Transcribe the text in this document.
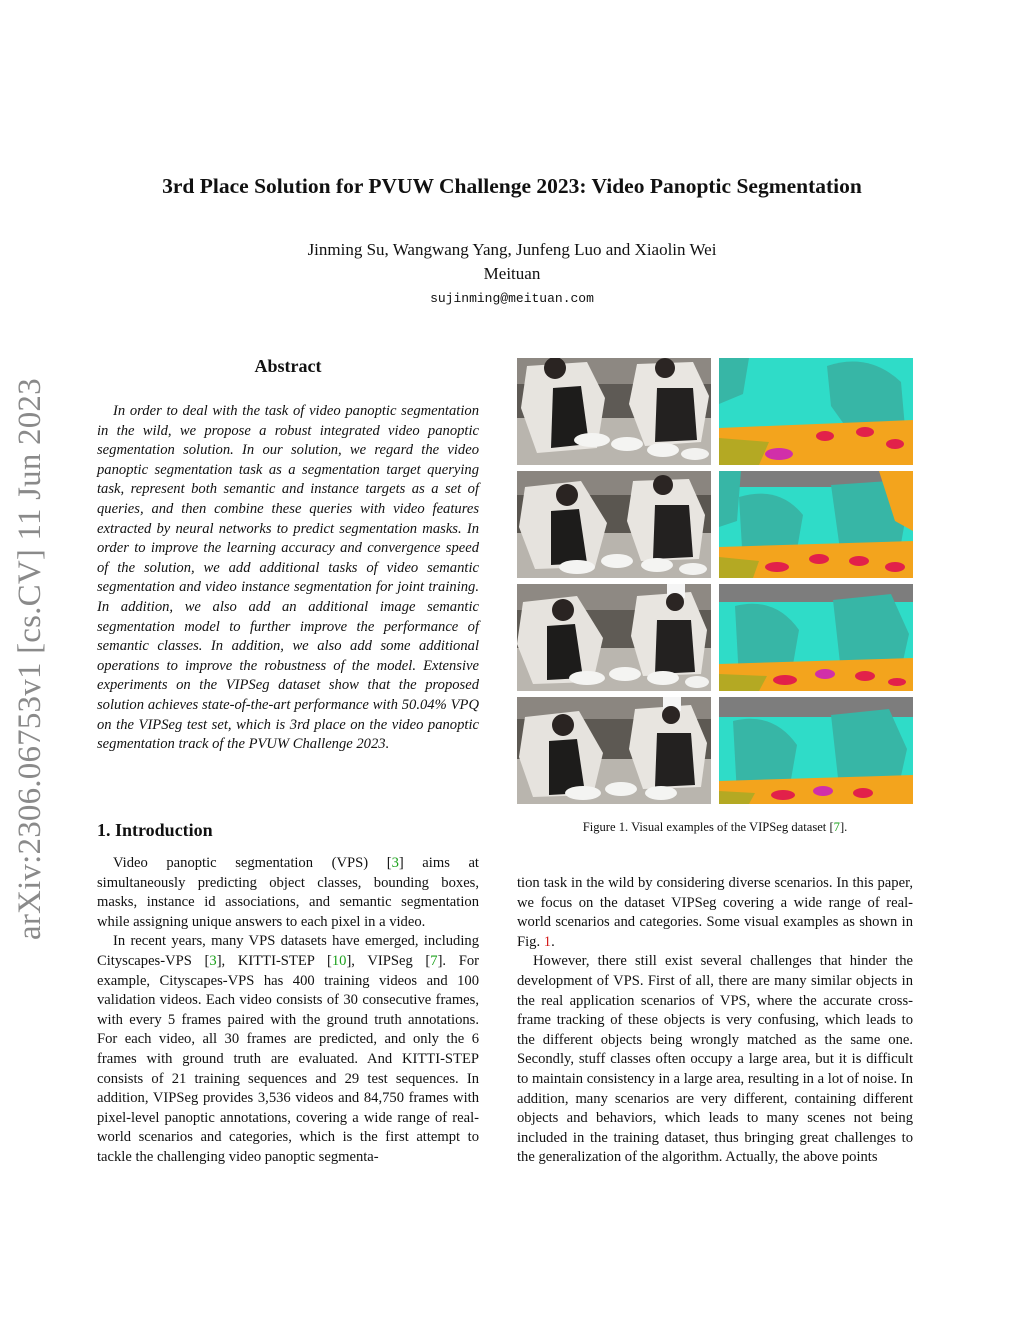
arXiv:2306.06753v1 [cs.CV] 11 Jun 2023
3rd Place Solution for PVUW Challenge 2023: Video Panoptic Segmentation
Jinming Su, Wangwang Yang, Junfeng Luo and Xiaolin Wei
Meituan
sujinming@meituan.com
Abstract
In order to deal with the task of video panoptic segmentation in the wild, we propose a robust integrated video panoptic segmentation solution. In our solution, we regard the video panoptic segmentation task as a segmentation target querying task, represent both semantic and instance targets as a set of queries, and then combine these queries with video features extracted by neural networks to predict segmentation masks. In order to improve the learning accuracy and convergence speed of the solution, we add additional tasks of video semantic segmentation and video instance segmentation for joint training. In addition, we also add an additional image semantic segmentation model to further improve the performance of semantic classes. In addition, we also add some additional operations to improve the robustness of the model. Extensive experiments on the VIPSeg dataset show that the proposed solution achieves state-of-the-art performance with 50.04% VPQ on the VIPSeg test set, which is 3rd place on the video panoptic segmentation track of the PVUW Challenge 2023.
1. Introduction

Video panoptic segmentation (VPS) [3] aims at simultaneously predicting object classes, bounding boxes, masks, instance id associations, and semantic segmentation while assigning unique answers to each pixel in a video.

In recent years, many VPS datasets have emerged, including Cityscapes-VPS [3], KITTI-STEP [10], VIPSeg [7]. For example, Cityscapes-VPS has 400 training videos and 100 validation videos. Each video consists of 30 consecutive frames, with every 5 frames paired with the ground truth annotations. For each video, all 30 frames are predicted, and only the 6 frames with ground truth are evaluated. And KITTI-STEP consists of 21 training sequences and 29 test sequences. In addition, VIPSeg provides 3,536 videos and 84,750 frames with pixel-level panoptic annotations, covering a wide range of real-world scenarios and categories, which is the first attempt to tackle the challenging video panoptic segmenta-

tion task in the wild by considering diverse scenarios. In this paper, we focus on the dataset VIPSeg covering a wide range of real-world scenarios and categories. Some visual examples as shown in Fig. 1.

However, there still exist several challenges that hinder the development of VPS. First of all, there are many similar objects in the real application scenarios of VPS, where the accurate cross-frame tracking of these objects is very confusing, which leads to the different objects being wrongly matched as the same one. Secondly, stuff classes often occupy a large area, but it is difficult to maintain consistency in a large area, resulting in a lot of noise. In addition, many scenarios are very different, containing different objects and behaviors, which leads to many scenes not being included in the training dataset, thus bringing great challenges to the generalization of the algorithm. Actually, the above points

Figure 1. Visual examples of the VIPSeg dataset [7].
